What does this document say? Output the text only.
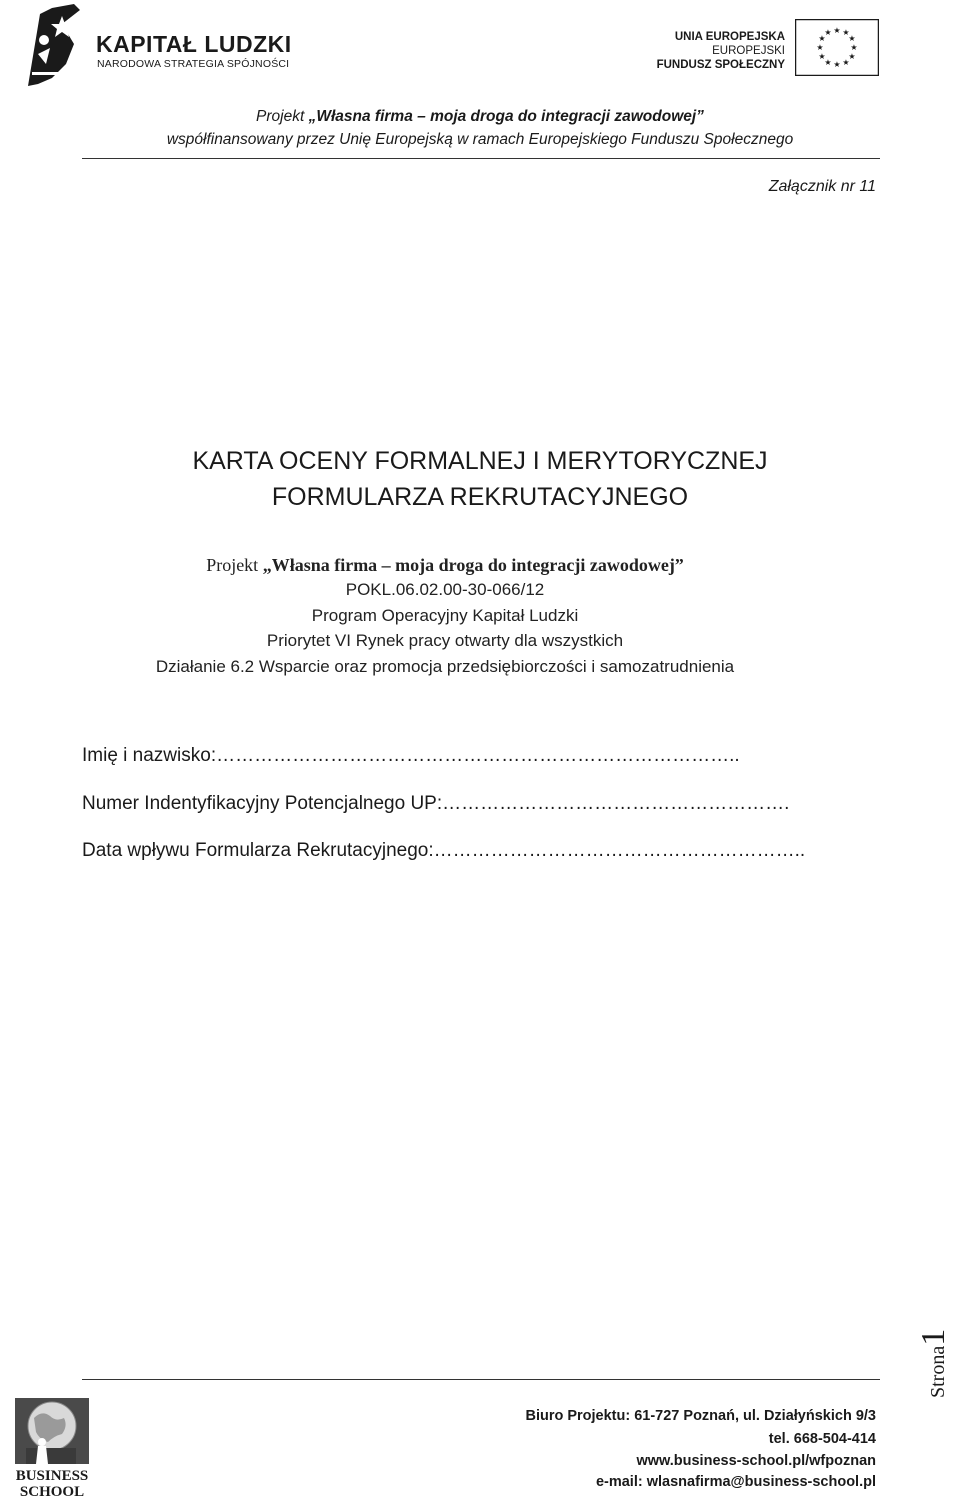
KAPITAŁ LUDZKI
NARODOWA STRATEGIA SPÓJNOŚCI
UNIA EUROPEJSKA
EUROPEJSKI
FUNDUSZ SPOŁECZNY
★ ★
★
★
★
★
★
★
★
★
★
★
Projekt „Własna firma – moja droga do integracji zawodowej”
współfinansowany przez Unię Europejską w ramach Europejskiego Funduszu Społecznego
Załącznik nr 11
KARTA OCENY FORMALNEJ I MERYTORYCZNEJ
FORMULARZA REKRUTACYJNEGO
Projekt „Własna firma – moja droga do integracji zawodowej”
POKL.06.02.00-30-066/12
Program Operacyjny Kapitał Ludzki
Priorytet VI Rynek pracy otwarty dla wszystkich
Działanie 6.2 Wsparcie oraz promocja przedsiębiorczości i samozatrudnienia
Imię i nazwisko:………………………………………………………………………..
Numer Indentyfikacyjny Potencjalnego UP:……………………………………………….
Data wpływu Formularza Rekrutacyjnego:…………………………………………………..
Strona1
BUSINESS
SCHOOL
Biuro Projektu: 61-727 Poznań, ul. Działyńskich 9/3
tel. 668-504-414
www.business-school.pl/wfpoznan
e-mail: wlasnafirma@business-school.pl
